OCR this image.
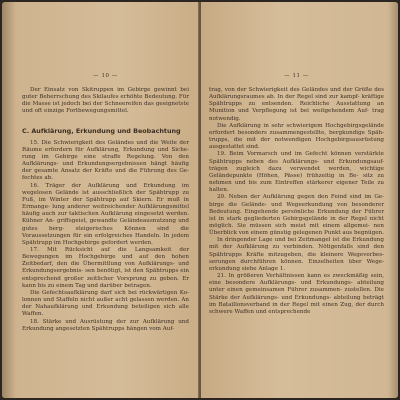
— 10 —

Der Einsatz von Skitruppen im Gebirge gewinnt bei guter Beherrschung des Skilaufes erhöhte Bedeutung. Für die Masse ist jedoch bei der Schneereifen das geeignetste und oft einzige Fortbewegungsmittel.

C. Aufklärung, Erkundung und Beobachtung

15. Die Schwierigkeit des Geländes und die Weite der Räume erfordern für Aufklärung, Erkundung und Siche- rung im Gebirge eine straffe Regelung. Von den Aufklärungs- und Erkundungsergebnissen hängt häufig der gesamte Ansatz der Kräfte und die Führung des Ge- fechtes ab.

16. Träger der Aufklärung und Erkundung im wegelosen Gelände ist ausschließlich der Spähtrupp zu Fuß, im Winter der Spähtrupp auf Skiern. Er muß in Ermange- lung anderer weitreichender Aufklärungsmittel häufig auch zur taktischen Aufklärung eingesetzt werden. Kühner An- griffsgeist, gewandte Geländeausnutzung und gutes berg- steigerisches Können sind die Voraussetzungen für ein erfolgreiches Handeln. In jedem Spähtrupp im Hochgebirge gefordert werden.

17. Mit Rücksicht auf die Langsamkeit der Bewegungen im Hochgebirge und auf den hohen Zeitbedarf, den die Übermittlung von Aufklärungs- und Erkundungsergebnis- sen benötigt, ist den Spähtrupps ein entsprechend großer zeitlicher Vorsprung zu geben. Er kann bis zu einem Tag und darüber betragen.

Die Gefechtsaufklärung darf sich bei rückwärtigen Ko- lonnen und Staffeln nicht außer acht gelassen werden. An der Nahaufklärung und Erkundung beteiligen sich alle Waffen.

18. Stärke und Ausrüstung der zur Aufklärung und Erkundung angesetzten Spähtrupps hängen vom Auf-

— 11 —

trag, von der Schwierigkeit des Geländes und der Größe des Aufklärungsraumes ab. In der Regel sind zur kampf- kräftige Spähtrupps zu entsenden. Reichliche Ausstattung an Munition und Verpflegung ist bei weitgehendem Auf- trag notwendig.

Die Aufklärung in sehr schwierigem Hochgebirgsgelände erfordert besonders zusammengestellte, bergkundige Späh- trupps, die mit der notwendigen Hochgebirgsausrüstung ausgestattet sind.

19. Beim Vormarsch und im Gefecht können verstärkte Spähtrupps neben des Aufklärungs- und Erkundungsauf- trägen zugleich dazu verwendet werden, wichtige Geländepunkte (Höhen, Pässe) frühzeitig in Be- sitz zu nehmen und bis zum Eintreffen stärkerer eigener Teile zu halten.

20. Neben der Aufklärung gegen den Feind sind im Ge- birge die Gelände- und Wegeerkundung von besonderer Bedeutung. Eingehende persönliche Erkundung der Führer ist in stark gegliederten Gebirgsgelände in der Regel nicht möglich. Sie müssen sich meist mit einem allgemei- nen Überblick von einem günstig gelegenen Punkt aus begnügen.

In dringender Lage und bei Zeitmangel ist die Erkundung mit der Aufklärung zu verbinden. Nötigenfalls sind den Spähtrupps Kräfte mitzugeben, die kleinere Wegeverbes- serungen durchführen können. Einzelheiten über Wege- erkundung siehe Anlage 1.

21. In größeren Verhältnissen kann es zweckmäßig sein, eine besondere Aufklärungs- und Erkundungs- abteilung unter einen gemeinsamen Führer zusammen- zustellen. Die Stärke der Aufklärungs- und Erkundungs- abteilung beträgt im Bataillonsverband in der Regel mit einen Zug, der durch schwere Waffen und entsprechende
